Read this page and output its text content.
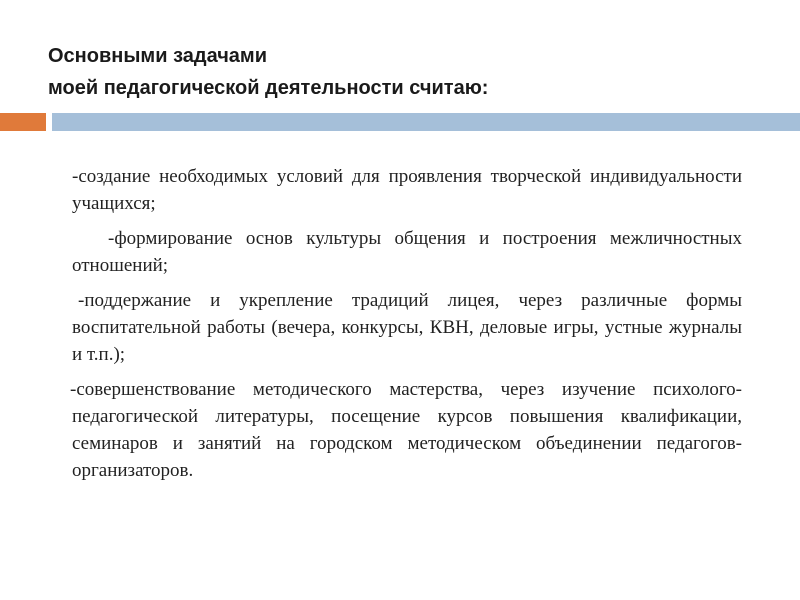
Основными задачами
моей педагогической деятельности считаю:

-создание необходимых условий для проявления творческой индивидуальности учащихся;

-формирование основ культуры общения и построения межличностных отношений;

-поддержание и укрепление традиций лицея, через различные формы воспитательной работы (вечера, конкурсы, КВН, деловые игры, устные журналы и т.п.);

-совершенствование методического мастерства, через изучение психолого-педагогической литературы, посещение курсов повышения квалификации, семинаров и занятий на городском методическом объединении педагогов-организаторов.
